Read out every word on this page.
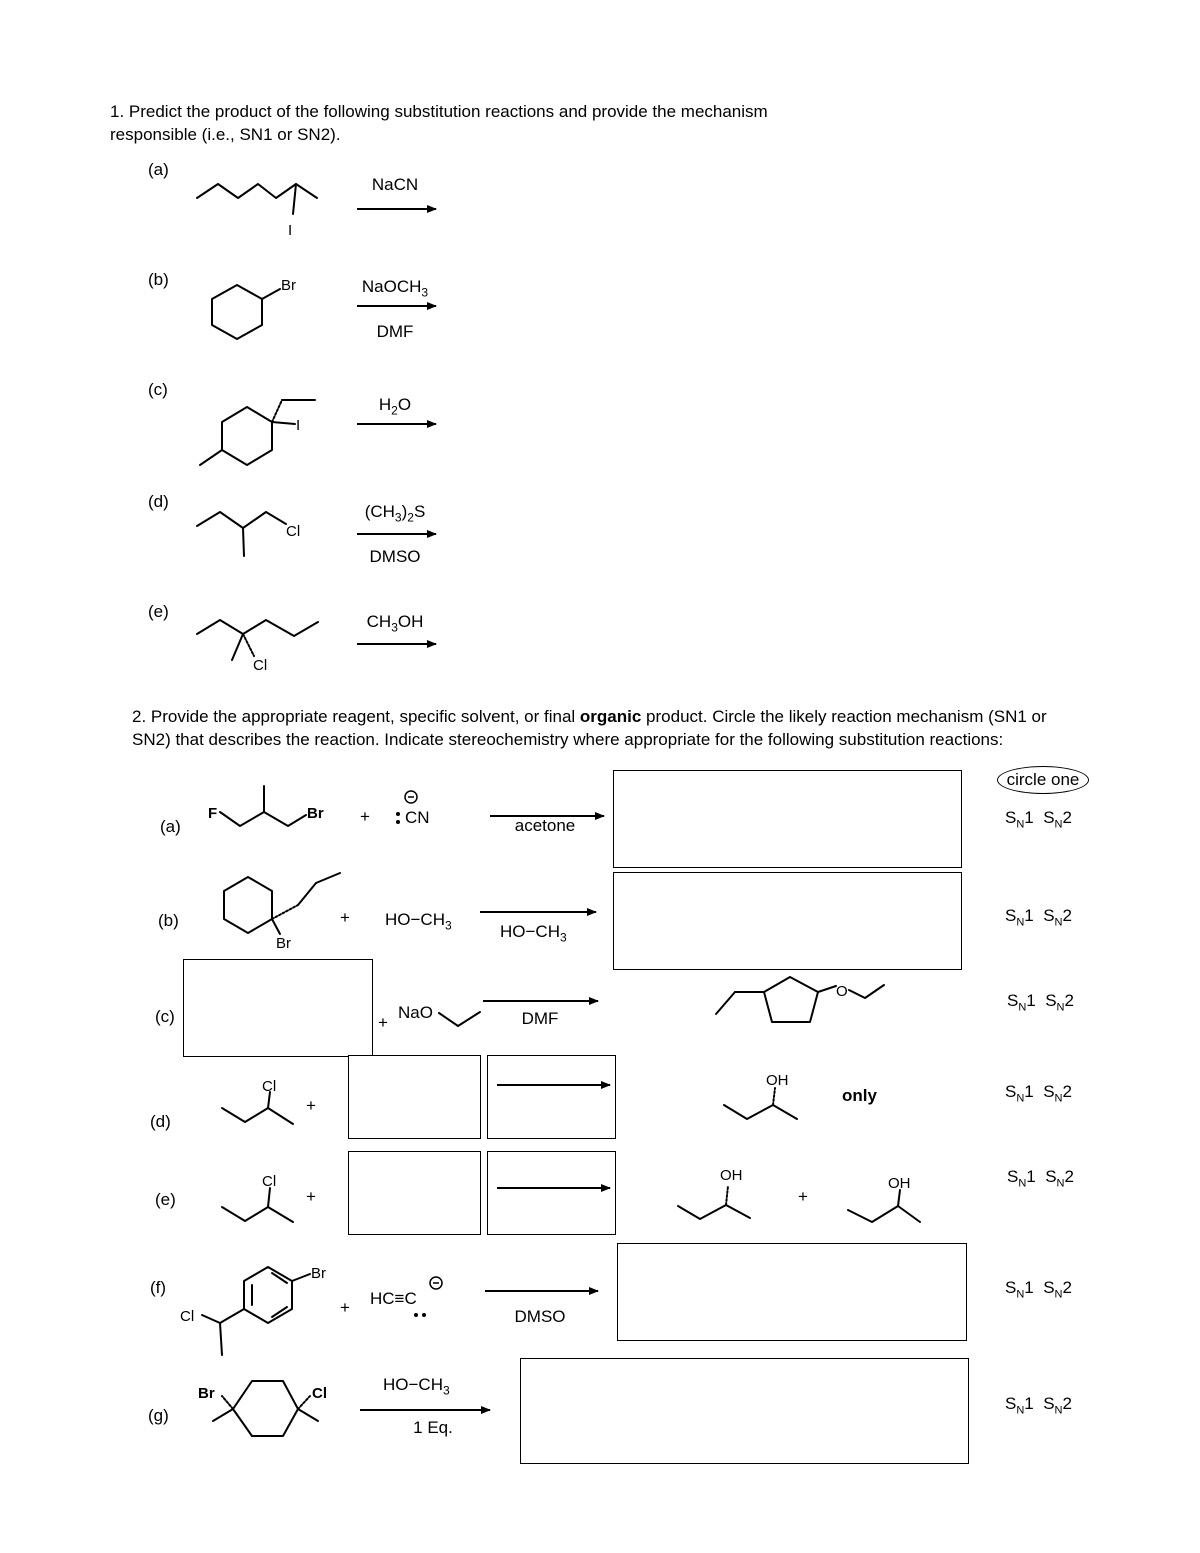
1. Predict the product of the following substitution reactions and provide the mechanism
responsible (i.e., SN1 or SN2).
(a)
(b)
(c)
(d)
(e)
NaCN
NaOCH$_3$
DMF
$H_2O$
$(CH_3)_2S$
DMSO
$CH_3OH$
2. Provide the appropriate reagent, specific solvent, or final organic product. Circle the likely reaction mechanism (SN1 or SN2) that describes the reaction. Indicate stereochemistry where appropriate for the following substitution reactions:
circle one
(a)
(b)
(c)
(d)
(e)
(f)
(g)
+
+
+
+
+	+
+
CN	acetone
$HO-CH_3$	$HO-CH_3$
NaO	DMF
only
HC≡C
DMSO
$HO-CH_3$
1 Eq.
$S_N1$  $S_N2$
$S_N1$  $S_N2$
$S_N1$  $S_N2$
$S_N1$  $S_N2$
$S_N1$  $S_N2$
$S_N1$  $S_N2$
$S_N1$  $S_N2$
I
Br
I
Cl
Cl
F	Br
Br
O
Cl	OH
Cl	OH	OH
Br
Cl
Br	Cl
